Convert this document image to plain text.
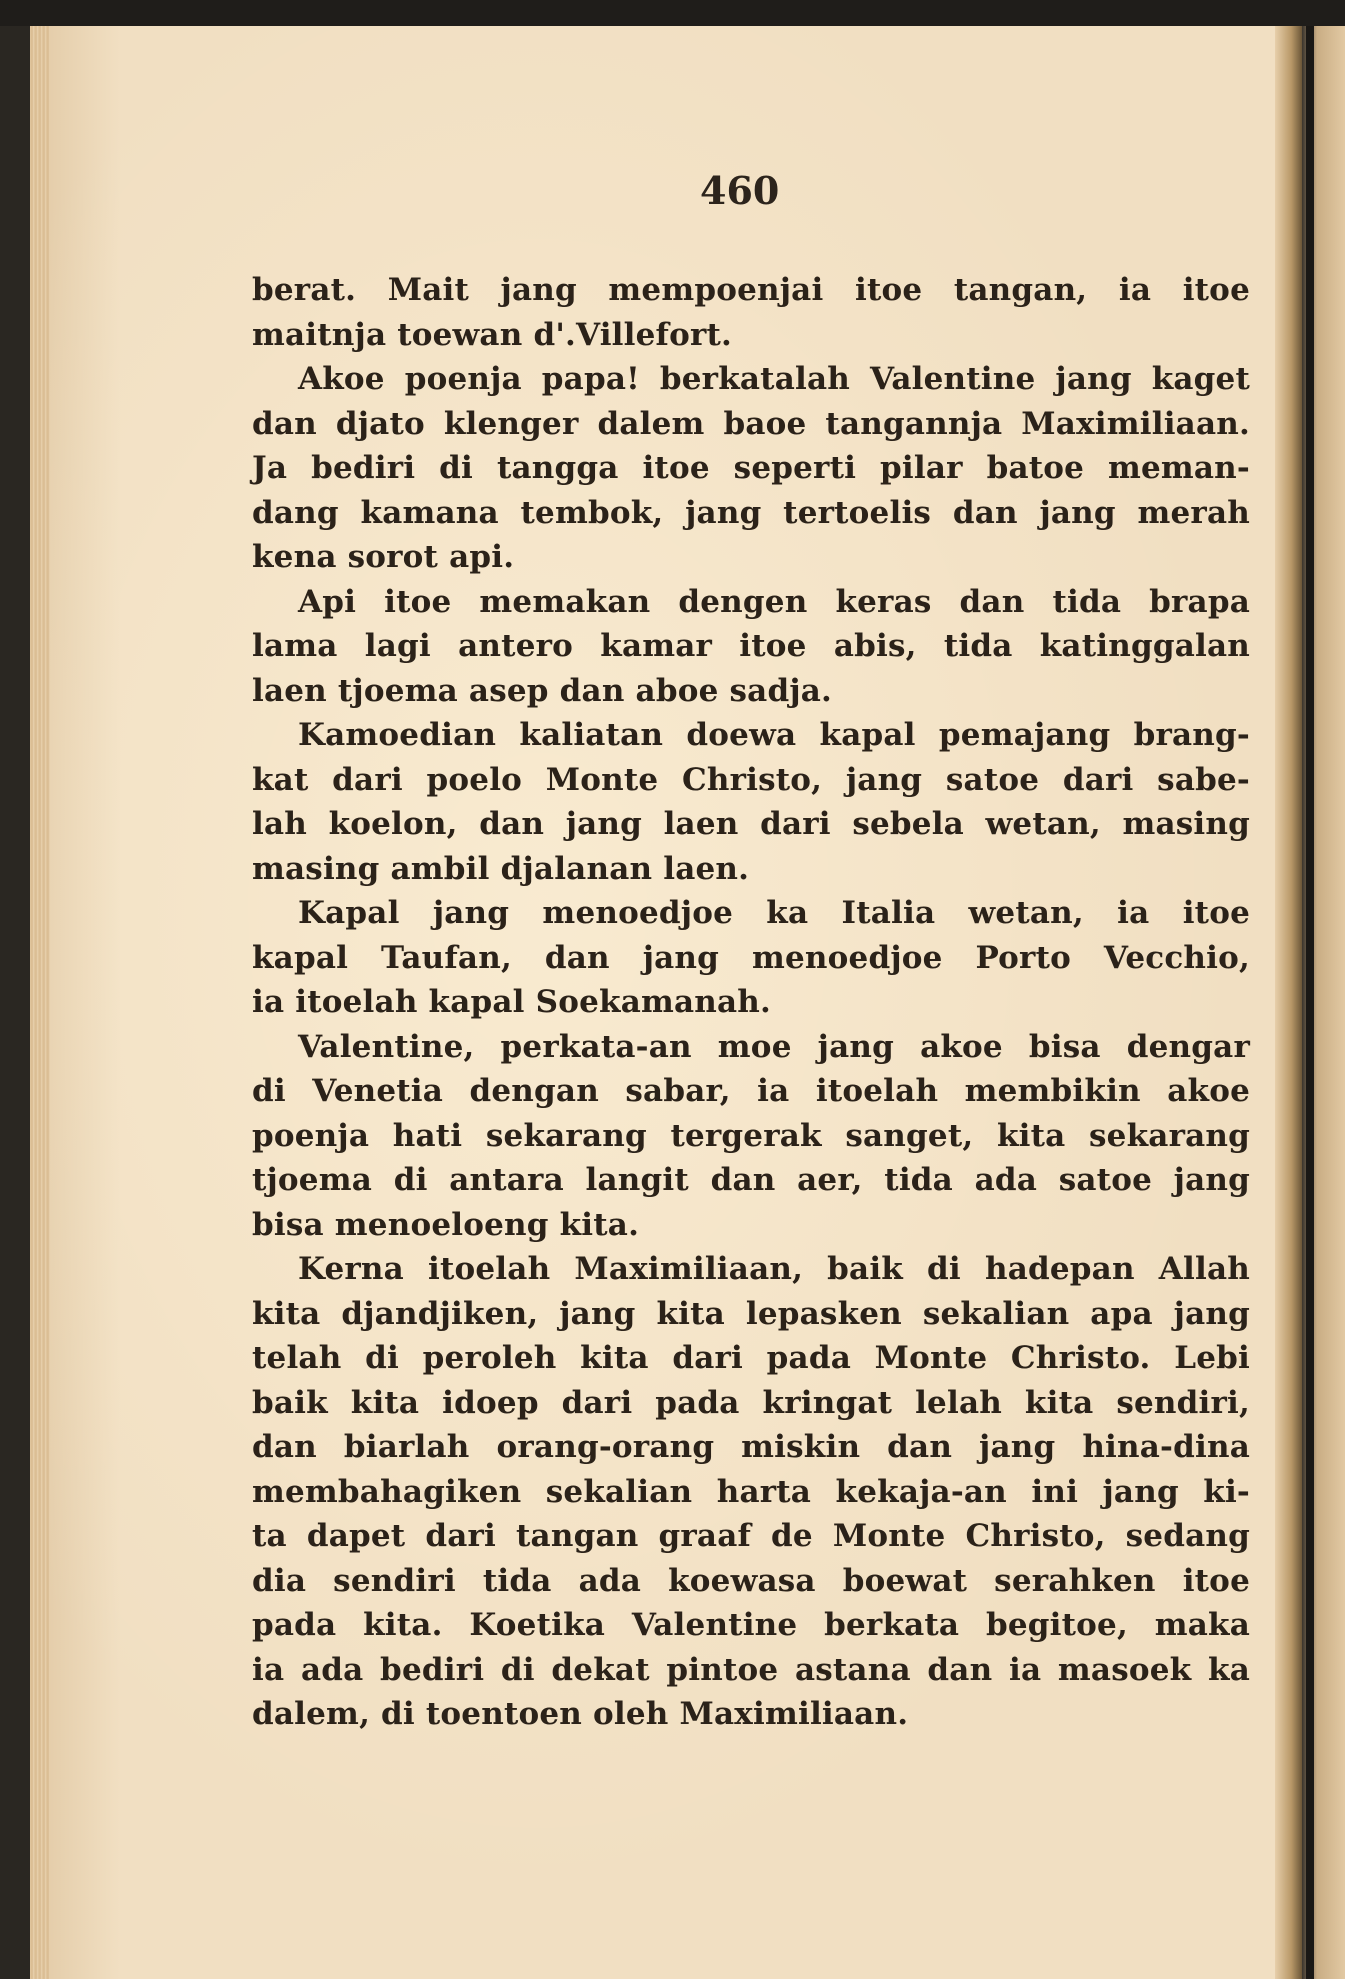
460
berat. Mait jang mempoenjai itoe tangan, ia itoe
maitnja toewan d'.Villefort.
Akoe poenja papa! berkatalah Valentine jang kaget
dan djato klenger dalem baoe tangannja Maximiliaan.
Ja bediri di tangga itoe seperti pilar batoe meman-
dang kamana tembok, jang tertoelis dan jang merah
kena sorot api.
Api itoe memakan dengen keras dan tida brapa
lama lagi antero kamar itoe abis, tida katinggalan
laen tjoema asep dan aboe sadja.
Kamoedian kaliatan doewa kapal pemajang brang-
kat dari poelo Monte Christo, jang satoe dari sabe-
lah koelon, dan jang laen dari sebela wetan, masing
masing ambil djalanan laen.
Kapal jang menoedjoe ka Italia wetan, ia itoe
kapal Taufan, dan jang menoedjoe Porto Vecchio,
ia itoelah kapal Soekamanah.
Valentine, perkata-an moe jang akoe bisa dengar
di Venetia dengan sabar, ia itoelah membikin akoe
poenja hati sekarang tergerak sanget, kita sekarang
tjoema di antara langit dan aer, tida ada satoe jang
bisa menoeloeng kita.
Kerna itoelah Maximiliaan, baik di hadepan Allah
kita djandjiken, jang kita lepasken sekalian apa jang
telah di peroleh kita dari pada Monte Christo. Lebi
baik kita idoep dari pada kringat lelah kita sendiri,
dan biarlah orang-orang miskin dan jang hina-dina
membahagiken sekalian harta kekaja-an ini jang ki-
ta dapet dari tangan graaf de Monte Christo, sedang
dia sendiri tida ada koewasa boewat serahken itoe
pada kita. Koetika Valentine berkata begitoe, maka
ia ada bediri di dekat pintoe astana dan ia masoek ka
dalem, di toentoen oleh Maximiliaan.
